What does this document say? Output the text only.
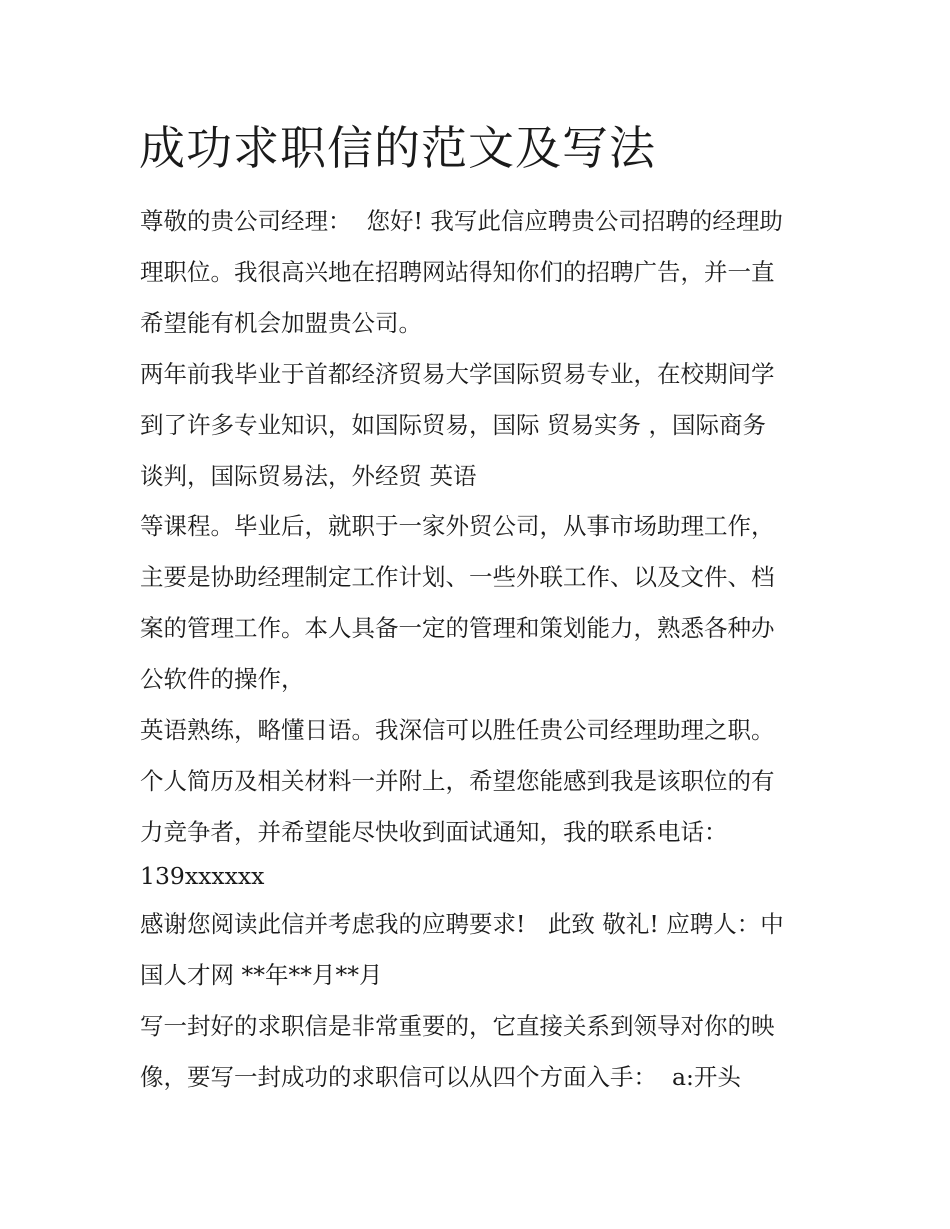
成功求职信的范文及写法

尊敬的贵公司经理：  您好! 我写此信应聘贵公司招聘的经理助

理职位。我很高兴地在招聘网站得知你们的招聘广告，并一直

希望能有机会加盟贵公司。

两年前我毕业于首都经济贸易大学国际贸易专业，在校期间学

到了许多专业知识，如国际贸易，国际 贸易实务 ，国际商务

谈判，国际贸易法，外经贸 英语

等课程。毕业后，就职于一家外贸公司，从事市场助理工作，

主要是协助经理制定工作计划、一些外联工作、以及文件、档

案的管理工作。本人具备一定的管理和策划能力，熟悉各种办

公软件的操作，

英语熟练，略懂日语。我深信可以胜任贵公司经理助理之职。

个人简历及相关材料一并附上，希望您能感到我是该职位的有

力竞争者，并希望能尽快收到面试通知，我的联系电话：

139xxxxxx

感谢您阅读此信并考虑我的应聘要求!   此致 敬礼! 应聘人：中

国人才网 **年**月**月

写一封好的求职信是非常重要的，它直接关系到领导对你的映

像，要写一封成功的求职信可以从四个方面入手：  a:开头
